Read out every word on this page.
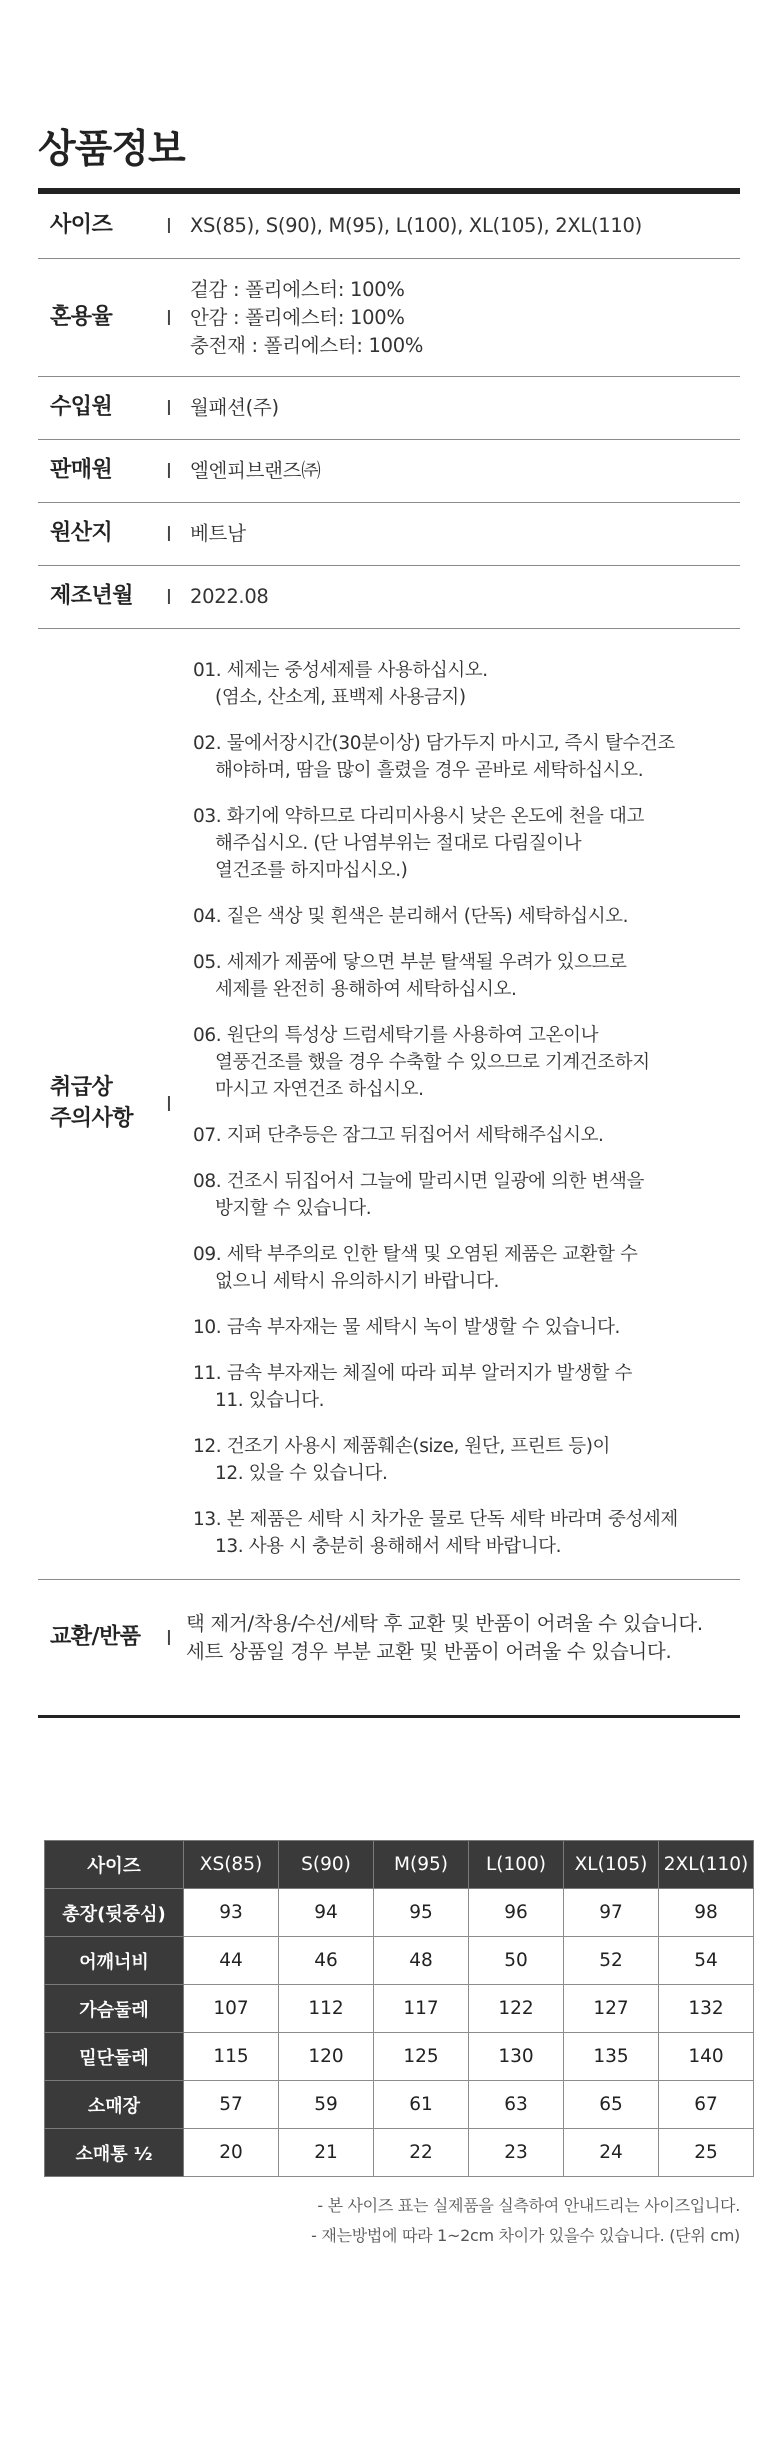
상품정보
사이즈	I XS(85), S(90), M(95), L(100), XL(105), 2XL(110)
혼용율	I
겉감 : 폴리에스터: 100%
안감 : 폴리에스터: 100%
충전재 : 폴리에스터: 100%
수입원	I 월패션(주)
판매원	I 엘엔피브랜즈㈜
원산지	I 베트남
제조년월 I 2022.08
취급상
주의사항
I
01. 세제는 중성세제를 사용하십시오.
(염소, 산소계, 표백제 사용금지)
02. 물에서장시간(30분이상) 담가두지 마시고, 즉시 탈수건조
해야하며, 땀을 많이 흘렸을 경우 곧바로 세탁하십시오.
03. 화기에 약하므로 다리미사용시 낮은 온도에 천을 대고
해주십시오. (단 나염부위는 절대로 다림질이나
열건조를 하지마십시오.)
04. 짙은 색상 및 흰색은 분리해서 (단독) 세탁하십시오.
05. 세제가 제품에 닿으면 부분 탈색될 우려가 있으므로
세제를 완전히 용해하여 세탁하십시오.
06. 원단의 특성상 드럼세탁기를 사용하여 고온이나
열풍건조를 했을 경우 수축할 수 있으므로 기계건조하지
마시고 자연건조 하십시오.
07. 지퍼 단추등은 잠그고 뒤집어서 세탁해주십시오.
08. 건조시 뒤집어서 그늘에 말리시면 일광에 의한 변색을
방지할 수 있습니다.
09. 세탁 부주의로 인한 탈색 및 오염된 제품은 교환할 수
없으니 세탁시 유의하시기 바랍니다.
10. 금속 부자재는 물 세탁시 녹이 발생할 수 있습니다.
11. 금속 부자재는 체질에 따라 피부 알러지가 발생할 수
11. 있습니다.
12. 건조기 사용시 제품훼손(size, 원단, 프린트 등)이
12. 있을 수 있습니다.
13. 본 제품은 세탁 시 차가운 물로 단독 세탁 바라며 중성세제
13. 사용 시 충분히 용해해서 세탁 바랍니다.
교환/반품 I
택 제거/착용/수선/세탁 후 교환 및 반품이 어려울 수 있습니다.
세트 상품일 경우 부분 교환 및 반품이 어려울 수 있습니다.
사이즈	XS(85)	S(90)	M(95)	L(100)	XL(105)	2XL(110)
총장(뒷중심)	93	94	95	96	97	98
어깨너비	44	46	48	50	52	54
가슴둘레	107	112	117	122	127	132
밑단둘레	115	120	125	130	135	140
소매장	57	59	61	63	65	67
소매통 ½	20	21	22	23	24	25
- 본 사이즈 표는 실제품을 실측하여 안내드리는 사이즈입니다.
- 재는방법에 따라 1~2cm 차이가 있을수 있습니다. (단위 cm)
